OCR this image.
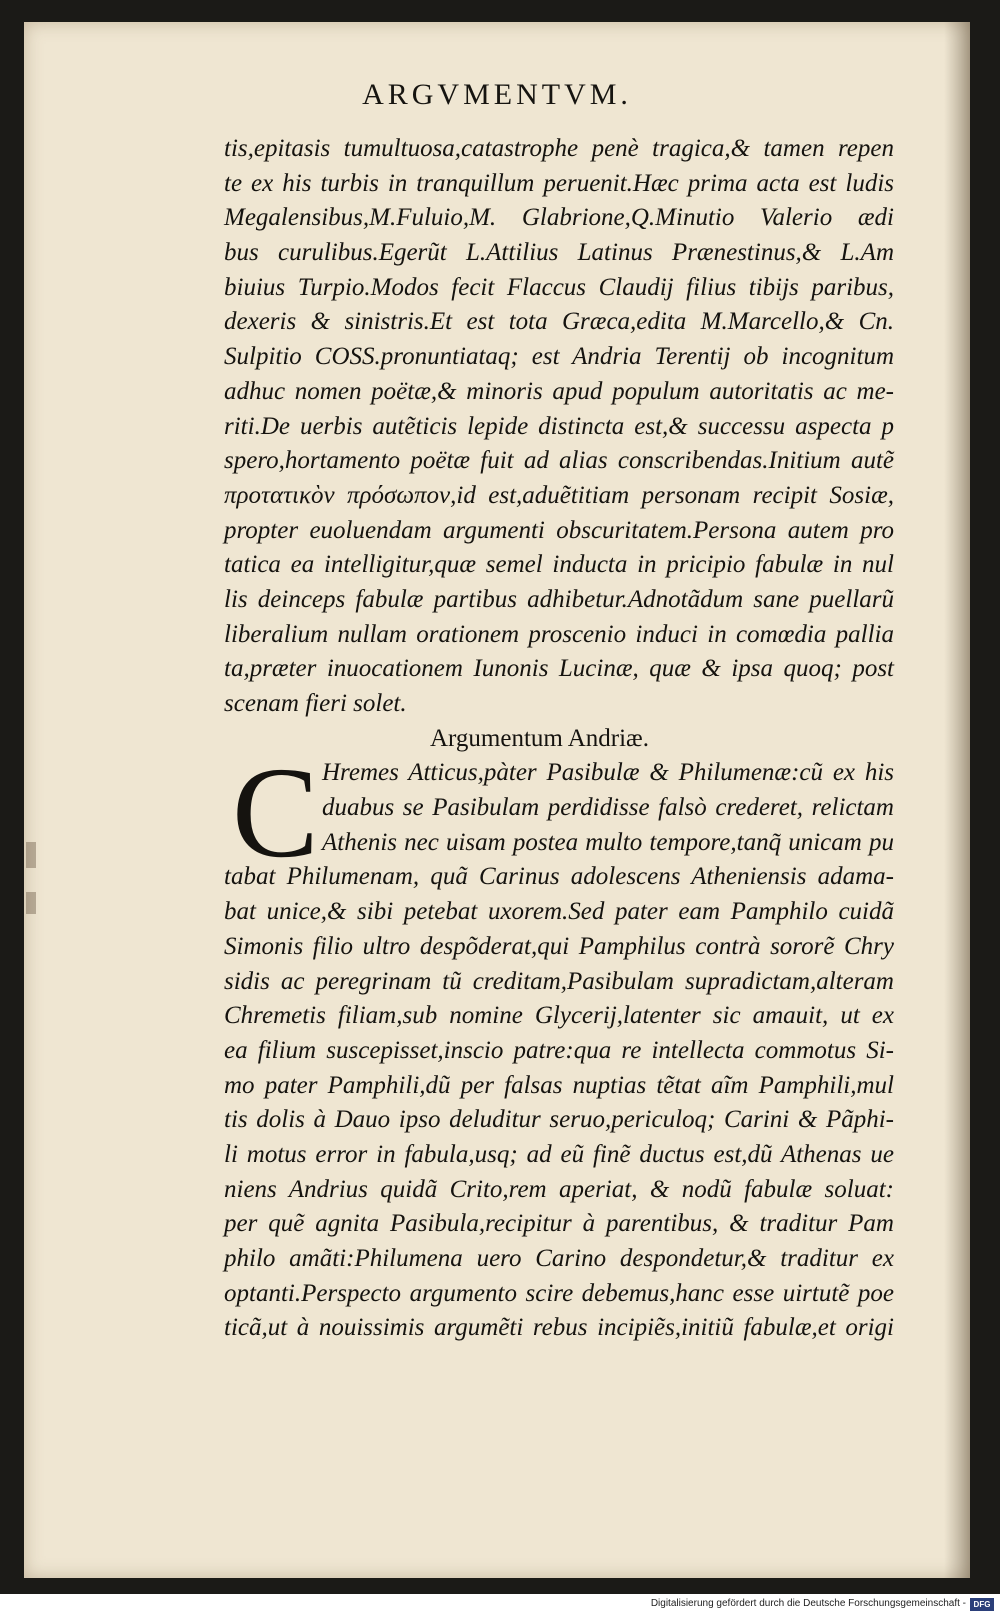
ARGVMENTVM.
tis,epitasis tumultuosa,catastrophe penè tragica,& tamen repen
te ex his turbis in tranquillum peruenit.Hæc prima acta est ludis
Megalensibus,M.Fuluio,M. Glabrione,Q.Minutio Valerio ædi
bus curulibus.Egerũt L.Attilius Latinus Prænestinus,& L.Am
biuius Turpio.Modos fecit Flaccus Claudij filius tibijs paribus,
dexeris & sinistris.Et est tota Græca,edita M.Marcello,& Cn.
Sulpitio COSS.pronuntiataq; est Andria Terentij ob incognitum
adhuc nomen poëtæ,& minoris apud populum autoritatis ac me-
riti.De uerbis autẽticis lepide distincta est,& successu aspecta p
spero,hortamento poëtæ fuit ad alias conscribendas.Initium autẽ
προτατικὸν πρόσωπον,id est,aduẽtitiam personam recipit Sosiæ,
propter euoluendam argumenti obscuritatem.Persona autem pro
tatica ea intelligitur,quæ semel inducta in pricipio fabulæ in nul
lis deinceps fabulæ partibus adhibetur.Adnotãdum sane puellarũ
liberalium nullam orationem proscenio induci in comœdia pallia
ta,præter inuocationem Iunonis Lucinæ, quæ & ipsa quoq; post
scenam fieri solet.
Argumentum Andriæ.
C Hremes Atticus,pàter Pasibulæ & Philumenæ:cũ ex his
duabus se Pasibulam perdidisse falsò crederet, relictam
Athenis nec uisam postea multo tempore,tanq̃ unicam pu
tabat Philumenam, quã Carinus adolescens Atheniensis adama-
bat unice,& sibi petebat uxorem.Sed pater eam Pamphilo cuidã
Simonis filio ultro despõderat,qui Pamphilus contrà sororẽ Chry
sidis ac peregrinam tũ creditam,Pasibulam supradictam,alteram
Chremetis filiam,sub nomine Glycerij,latenter sic amauit, ut ex
ea filium suscepisset,inscio patre:qua re intellecta commotus Si-
mo pater Pamphili,dũ per falsas nuptias tẽtat aĩm Pamphili,mul
tis dolis à Dauo ipso deluditur seruo,periculoq; Carini & Pãphi-
li motus error in fabula,usq; ad eũ finẽ ductus est,dũ Athenas ue
niens Andrius quidã Crito,rem aperiat, & nodũ fabulæ soluat:
per quẽ agnita Pasibula,recipitur à parentibus, & traditur Pam
philo amãti:Philumena uero Carino despondetur,& traditur ex
optanti.Perspecto argumento scire debemus,hanc esse uirtutẽ poe
ticã,ut à nouissimis argumẽti rebus incipiẽs,initiũ fabulæ,et origi
Digitalisierung gefördert durch die Deutsche Forschungsgemeinschaft - DFG
